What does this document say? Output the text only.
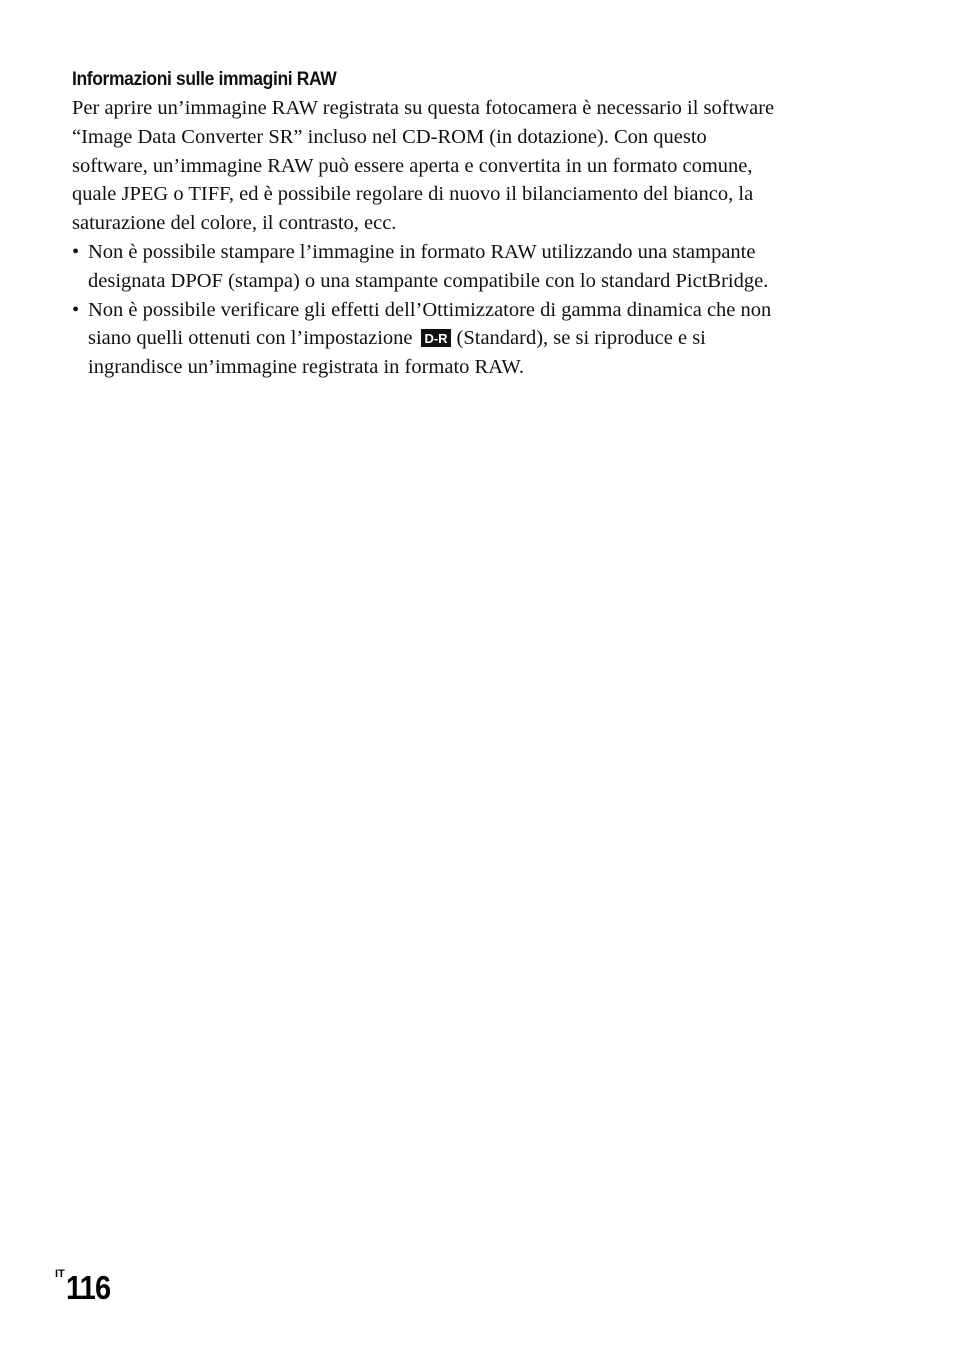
Informazioni sulle immagini RAW

Per aprire un’immagine RAW registrata su questa fotocamera è necessario il software
“Image Data Converter SR” incluso nel CD-ROM (in dotazione). Con questo
software, un’immagine RAW può essere aperta e convertita in un formato comune,
quale JPEG o TIFF, ed è possibile regolare di nuovo il bilanciamento del bianco, la
saturazione del colore, il contrasto, ecc.

• Non è possibile stampare l’immagine in formato RAW utilizzando una stampante
designata DPOF (stampa) o una stampante compatibile con lo standard PictBridge.
• Non è possibile verificare gli effetti dell’Ottimizzatore di gamma dinamica che non
siano quelli ottenuti con l’impostazione D-R (Standard), se si riproduce e si
ingrandisce un’immagine registrata in formato RAW.
$^{IT}$116
